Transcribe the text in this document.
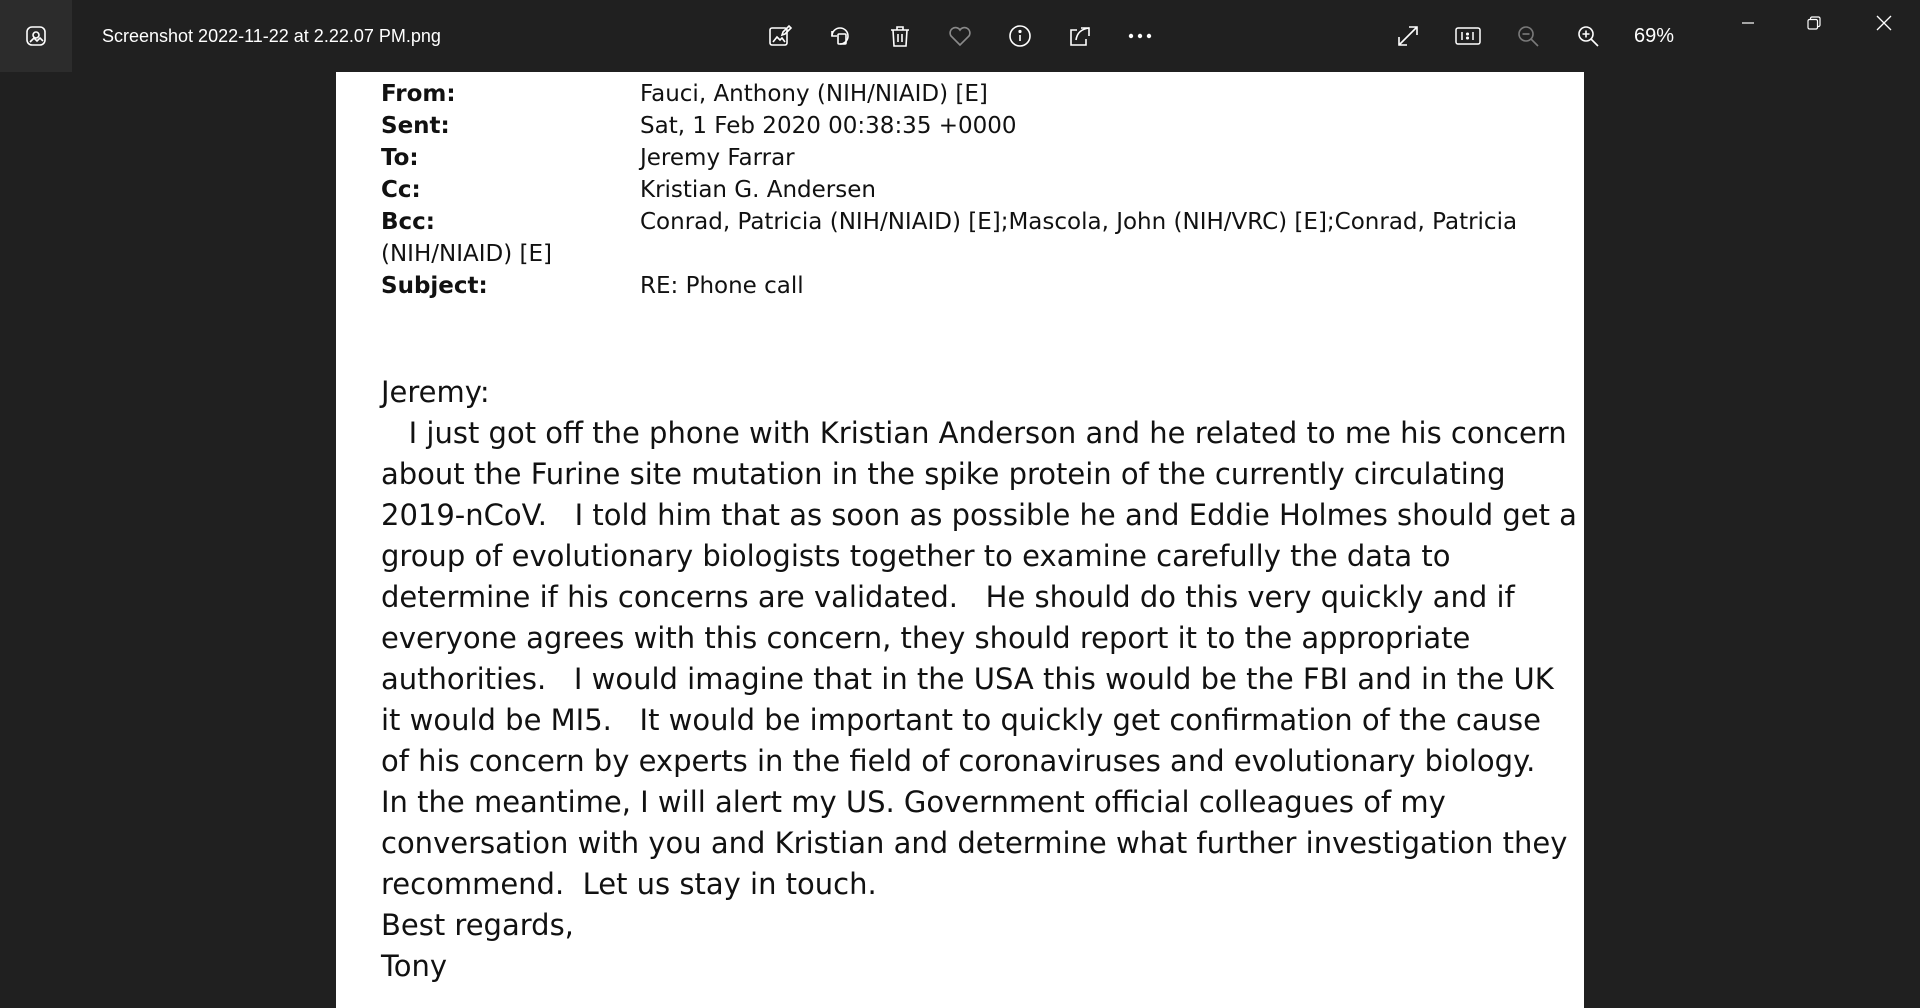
Screenshot 2022-11-22 at 2.22.07 PM.png	69%
From:	Fauci, Anthony (NIH/NIAID) [E]
Sent:	Sat, 1 Feb 2020 00:38:35 +0000
To:	Jeremy Farrar
Cc:	Kristian G. Andersen
Bcc:	Conrad, Patricia (NIH/NIAID) [E];Mascola, John (NIH/VRC) [E];Conrad, Patricia
(NIH/NIAID) [E]
Subject:	RE: Phone call
Jeremy:
I just got off the phone with Kristian Anderson and he related to me his concern
about the Furine site mutation in the spike protein of the currently circulating
2019-nCoV.   I told him that as soon as possible he and Eddie Holmes should get a
group of evolutionary biologists together to examine carefully the data to
determine if his concerns are validated.   He should do this very quickly and if
everyone agrees with this concern, they should report it to the appropriate
authorities.   I would imagine that in the USA this would be the FBI and in the UK
it would be MI5.   It would be important to quickly get confirmation of the cause
of his concern by experts in the field of coronaviruses and evolutionary biology.
In the meantime, I will alert my US. Government official colleagues of my
conversation with you and Kristian and determine what further investigation they
recommend.  Let us stay in touch.
Best regards,
Tony
